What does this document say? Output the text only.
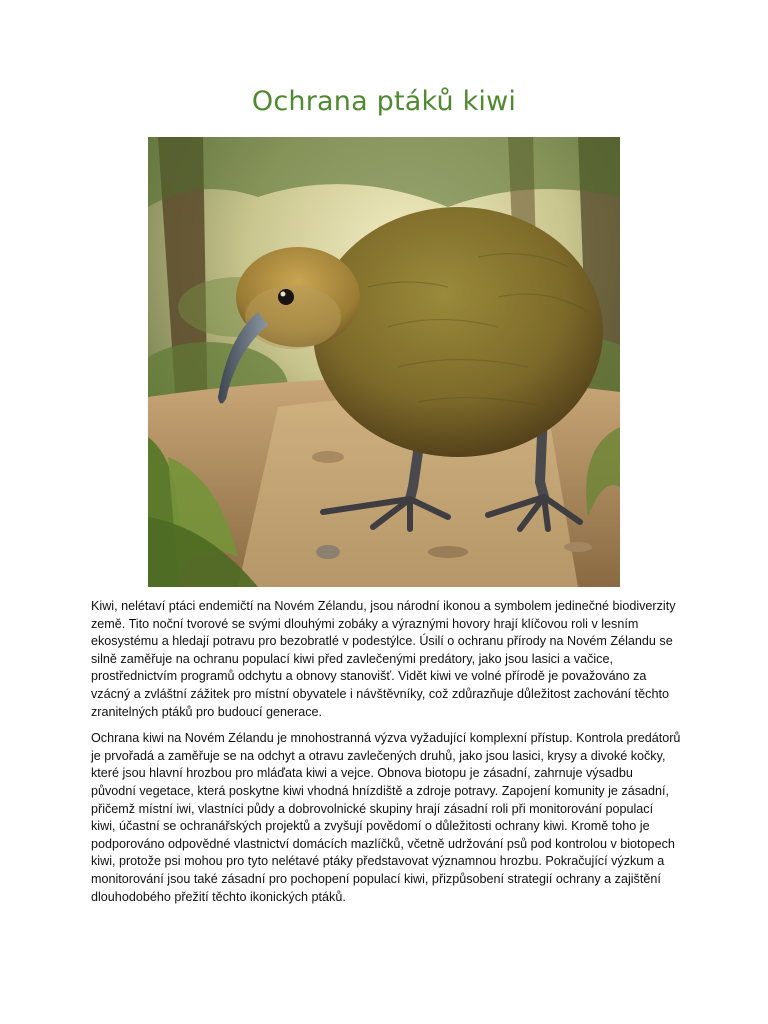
Ochrana ptáků kiwi

Kiwi, nelétaví ptáci endemičtí na Novém Zélandu, jsou národní ikonou a symbolem jedinečné biodiverzity země. Tito noční tvorové se svými dlouhými zobáky a výraznými hovory hrají klíčovou roli v lesním ekosystému a hledají potravu pro bezobratlé v podestýlce. Úsilí o ochranu přírody na Novém Zélandu se silně zaměřuje na ochranu populací kiwi před zavlečenými predátory, jako jsou lasici a vačice, prostřednictvím programů odchytu a obnovy stanovišť. Vidět kiwi ve volné přírodě je považováno za vzácný a zvláštní zážitek pro místní obyvatele i návštěvníky, což zdůrazňuje důležitost zachování těchto zranitelných ptáků pro budoucí generace.

Ochrana kiwi na Novém Zélandu je mnohostranná výzva vyžadující komplexní přístup. Kontrola predátorů je prvořadá a zaměřuje se na odchyt a otravu zavlečených druhů, jako jsou lasici, krysy a divoké kočky, které jsou hlavní hrozbou pro mláďata kiwi a vejce. Obnova biotopu je zásadní, zahrnuje výsadbu původní vegetace, která poskytne kiwi vhodná hnízdiště a zdroje potravy. Zapojení komunity je zásadní, přičemž místní iwi, vlastníci půdy a dobrovolnické skupiny hrají zásadní roli při monitorování populací kiwi, účastní se ochranářských projektů a zvyšují povědomí o důležitosti ochrany kiwi. Kromě toho je podporováno odpovědné vlastnictví domácích mazlíčků, včetně udržování psů pod kontrolou v biotopech kiwi, protože psi mohou pro tyto nelétavé ptáky představovat významnou hrozbu. Pokračující výzkum a monitorování jsou také zásadní pro pochopení populací kiwi, přizpůsobení strategií ochrany a zajištění dlouhodobého přežití těchto ikonických ptáků.
